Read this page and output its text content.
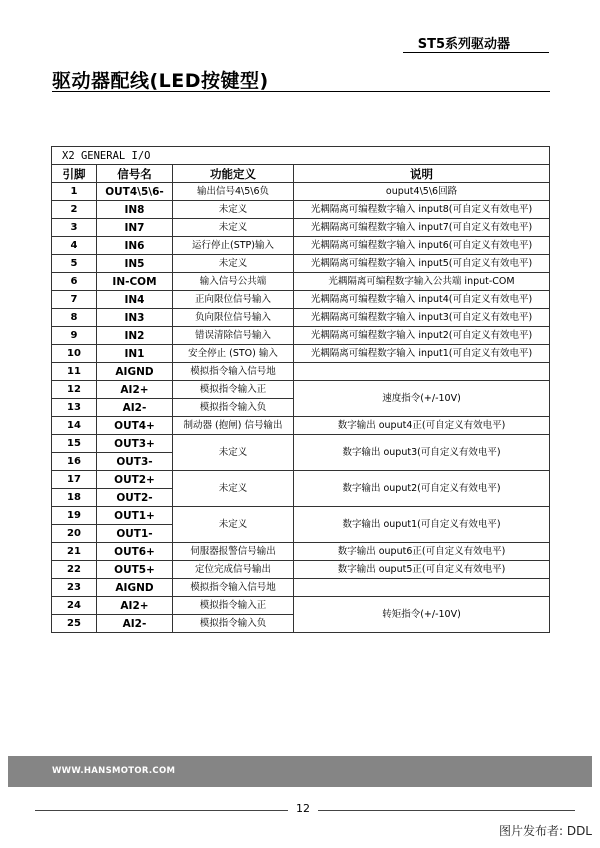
ST5系列驱动器
驱动器配线(LED按键型)
X2 GENERAL I/O			
引脚	信号名	功能定义	说明
1	OUT4\5\6-	输出信号4\5\6负	ouput4\5\6回路
2	IN8	未定义	光耦隔离可编程数字输入 input8(可自定义有效电平)
3	IN7	未定义	光耦隔离可编程数字输入 input7(可自定义有效电平)
4	IN6	运行停止(STP)输入	光耦隔离可编程数字输入 input6(可自定义有效电平)
5	IN5	未定义	光耦隔离可编程数字输入 input5(可自定义有效电平)
6	IN-COM	输入信号公共端	光耦隔离可编程数字输入公共端 input-COM
7	IN4	正向限位信号输入	光耦隔离可编程数字输入 input4(可自定义有效电平)
8	IN3	负向限位信号输入	光耦隔离可编程数字输入 input3(可自定义有效电平)
9	IN2	错误清除信号输入	光耦隔离可编程数字输入 input2(可自定义有效电平)
10	IN1	安全停止 (STO) 输入	光耦隔离可编程数字输入 input1(可自定义有效电平)
11	AIGND	模拟指令输入信号地	
12	AI2+	模拟指令输入正	速度指令(+/-10V)
13	AI2-	模拟指令输入负	
14	OUT4+	制动器 (抱闸) 信号输出	数字输出 ouput4正(可自定义有效电平)
15	OUT3+	未定义	数字输出 ouput3(可自定义有效电平)
16	OUT3-		
17	OUT2+	未定义	数字输出 ouput2(可自定义有效电平)
18	OUT2-		
19	OUT1+	未定义	数字输出 ouput1(可自定义有效电平)
20	OUT1-		
21	OUT6+	伺服器报警信号输出	数字输出 ouput6正(可自定义有效电平)
22	OUT5+	定位完成信号输出	数字输出 ouput5正(可自定义有效电平)
23	AIGND	模拟指令输入信号地	
24	AI2+	模拟指令输入正	转矩指令(+/-10V)
25	AI2-	模拟指令输入负	
WWW.HANSMOTOR.COM
12
图片发布者: DDL
